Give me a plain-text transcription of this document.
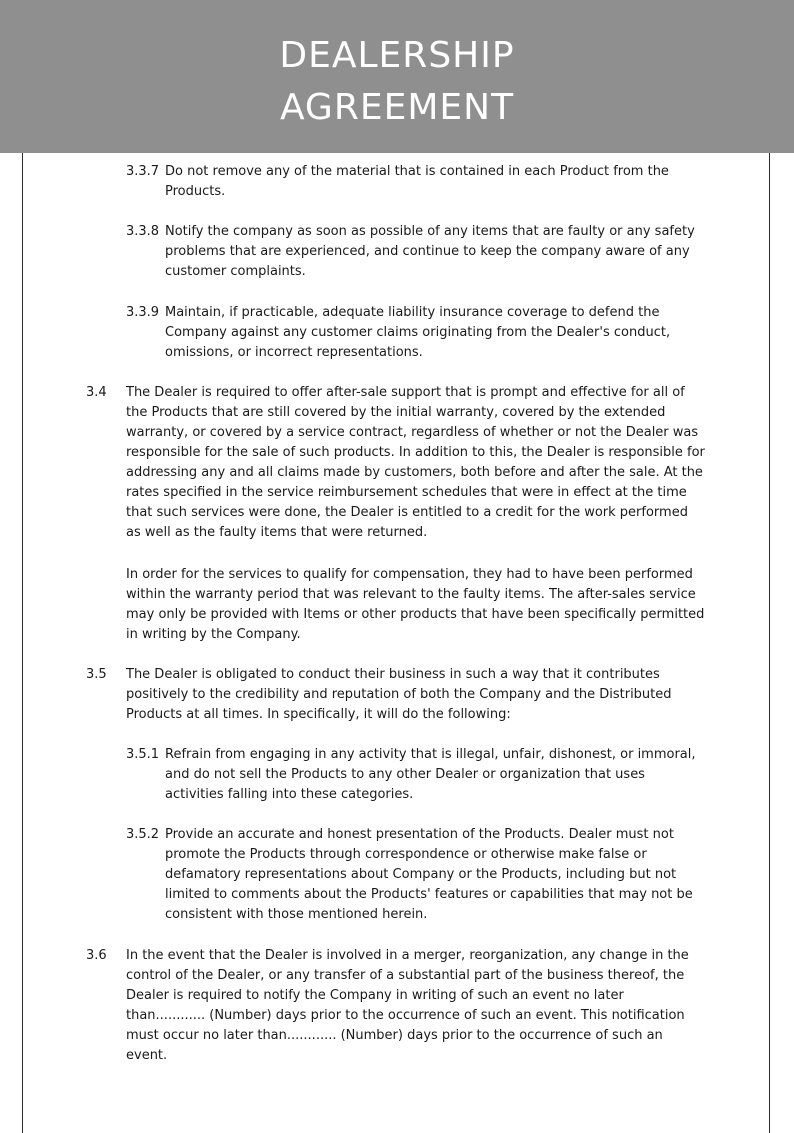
DEALERSHIP
AGREEMENT
3.3.7 Do not remove any of the material that is contained in each Product from the Products.

3.3.8 Notify the company as soon as possible of any items that are faulty or any safety problems that are experienced, and continue to keep the company aware of any customer complaints.

3.3.9 Maintain, if practicable, adequate liability insurance coverage to defend the Company against any customer claims originating from the Dealer's conduct, omissions, or incorrect representations.

3.4 The Dealer is required to offer after-sale support that is prompt and effective for all of the Products that are still covered by the initial warranty, covered by the extended warranty, or covered by a service contract, regardless of whether or not the Dealer was responsible for the sale of such products. In addition to this, the Dealer is responsible for addressing any and all claims made by customers, both before and after the sale. At the rates specified in the service reimbursement schedules that were in effect at the time that such services were done, the Dealer is entitled to a credit for the work performed as well as the faulty items that were returned.

In order for the services to qualify for compensation, they had to have been performed within the warranty period that was relevant to the faulty items. The after-sales service may only be provided with Items or other products that have been specifically permitted in writing by the Company.

3.5 The Dealer is obligated to conduct their business in such a way that it contributes positively to the credibility and reputation of both the Company and the Distributed Products at all times. In specifically, it will do the following:

3.5.1 Refrain from engaging in any activity that is illegal, unfair, dishonest, or immoral, and do not sell the Products to any other Dealer or organization that uses activities falling into these categories.

3.5.2 Provide an accurate and honest presentation of the Products. Dealer must not promote the Products through correspondence or otherwise make false or defamatory representations about Company or the Products, including but not limited to comments about the Products' features or capabilities that may not be consistent with those mentioned herein.

3.6 In the event that the Dealer is involved in a merger, reorganization, any change in the control of the Dealer, or any transfer of a substantial part of the business thereof, the Dealer is required to notify the Company in writing of such an event no later than............ (Number) days prior to the occurrence of such an event. This notification must occur no later than............ (Number) days prior to the occurrence of such an event.
